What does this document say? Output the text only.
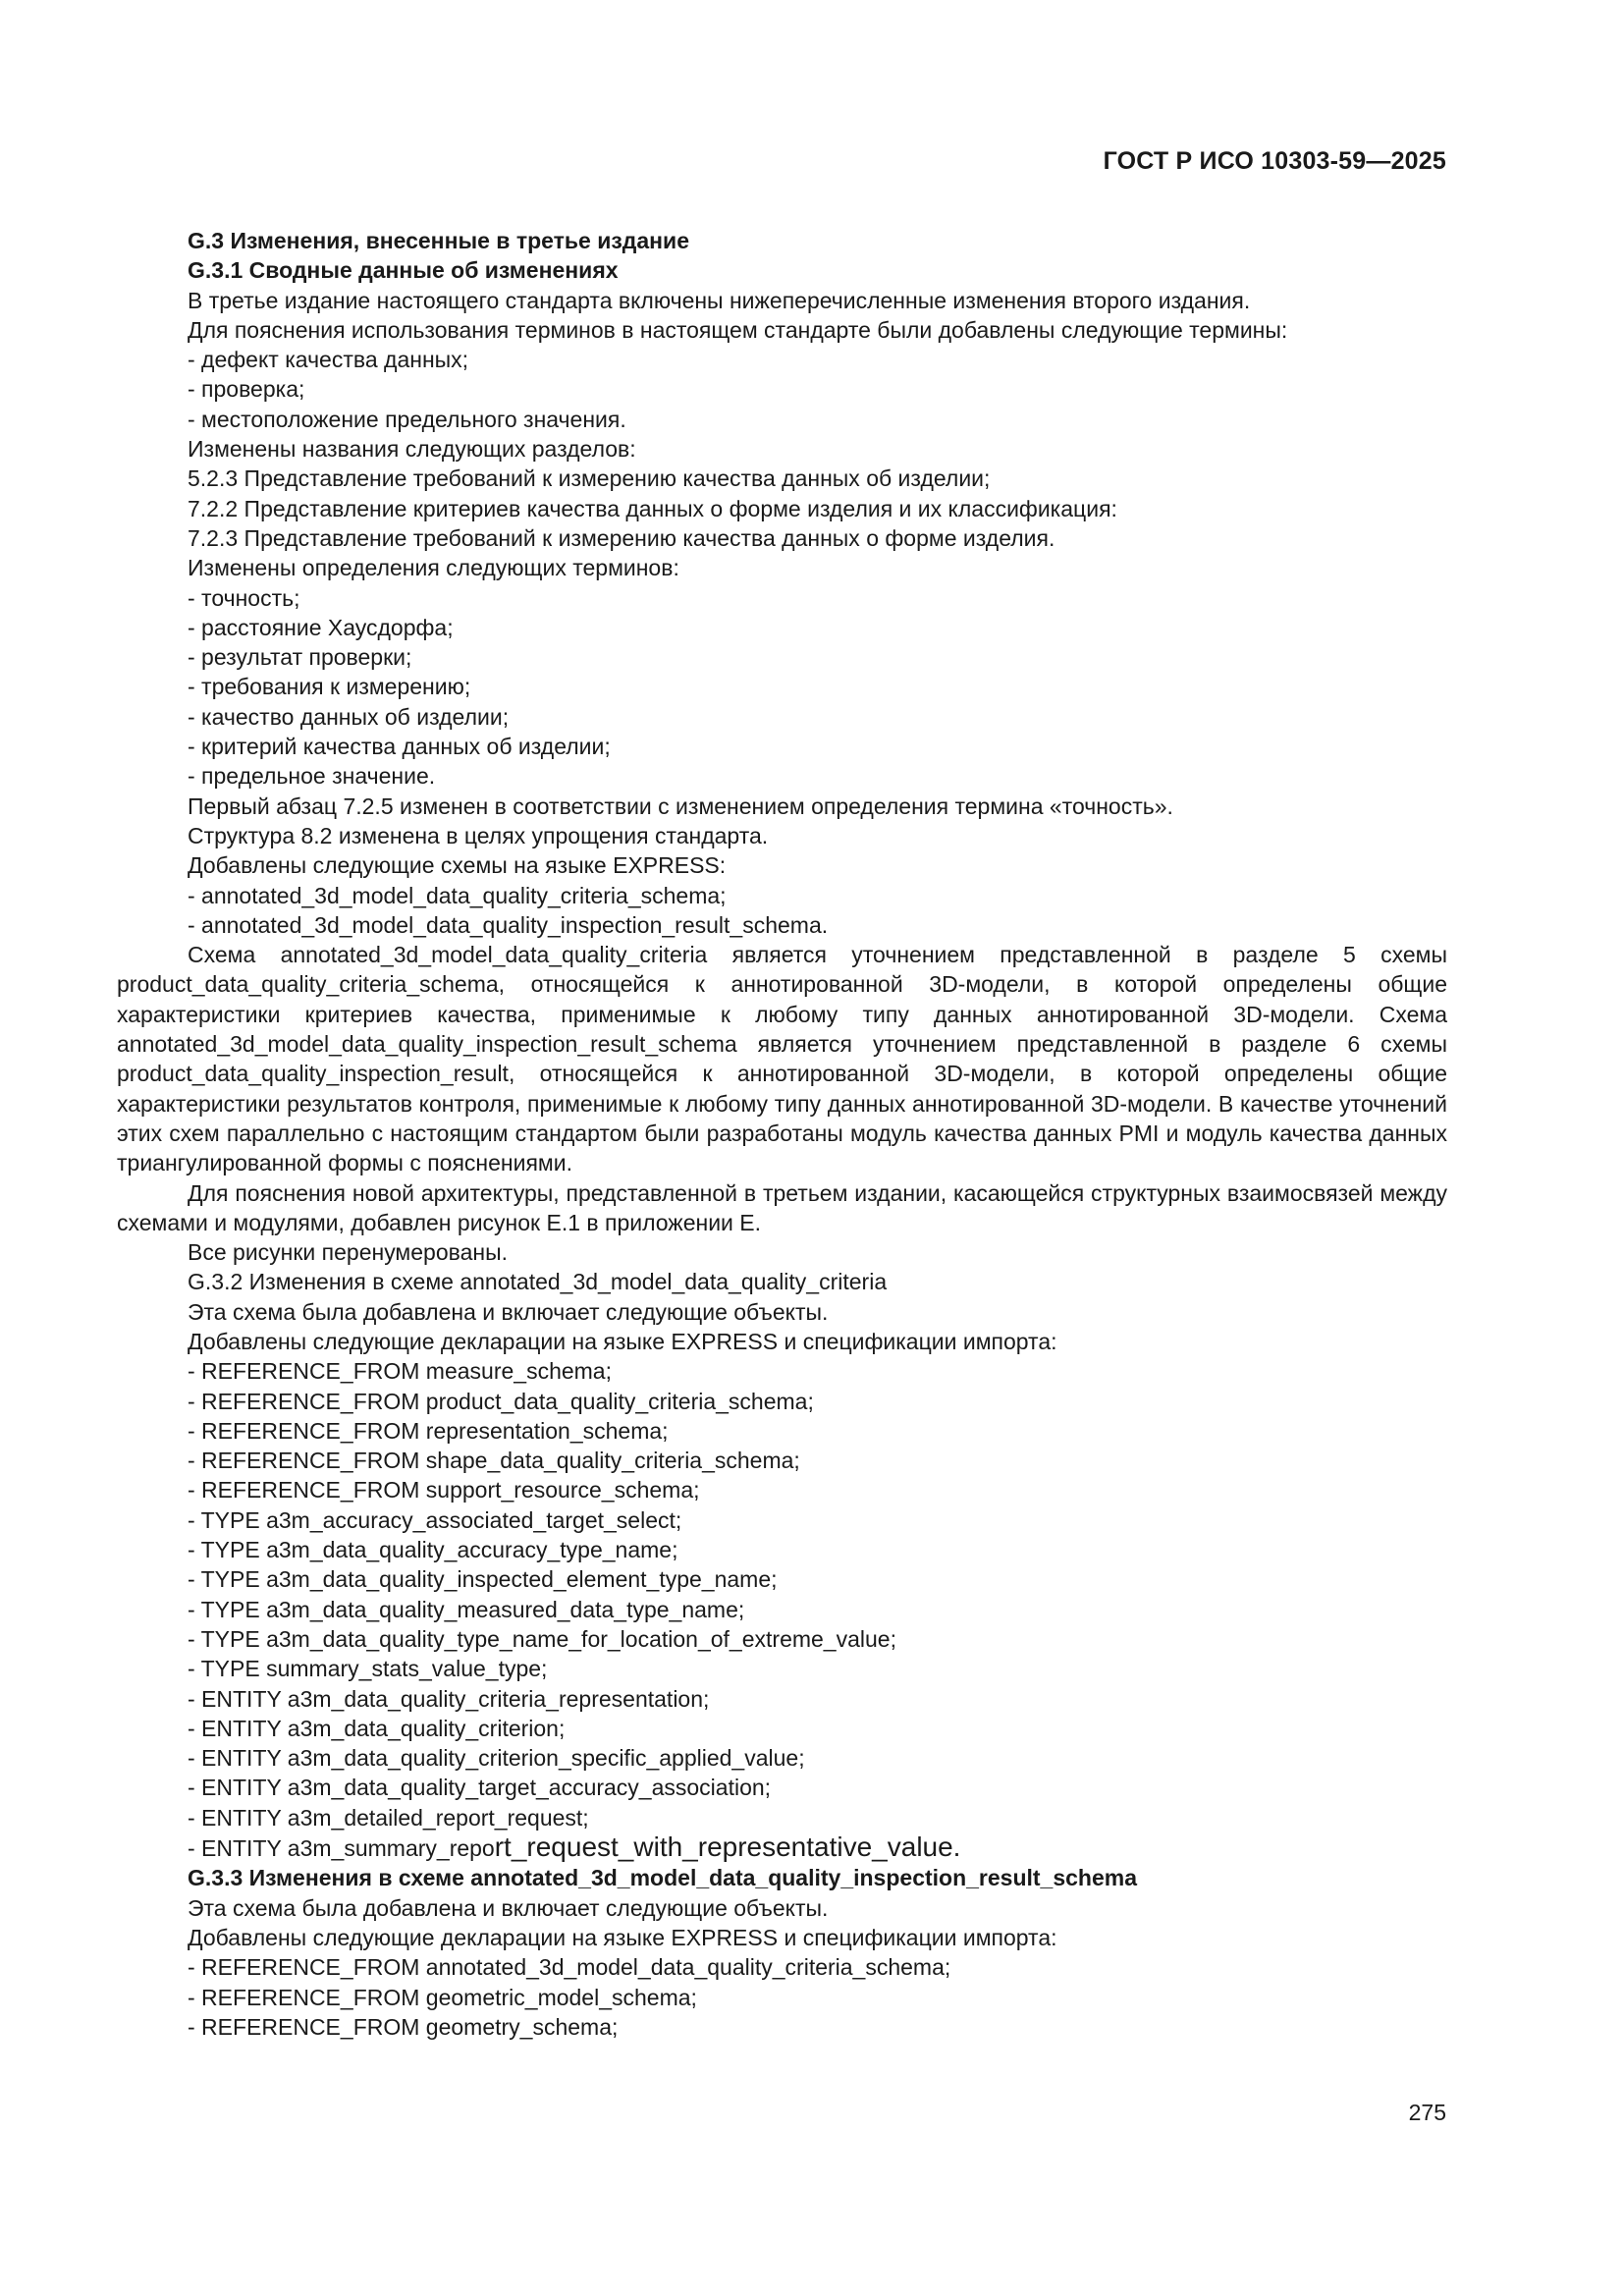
ГОСТ Р ИСО 10303-59—2025

G.3 Изменения, внесенные в третье издание

G.3.1 Сводные данные об изменениях

В третье издание настоящего стандарта включены нижеперечисленные изменения второго издания.

Для пояснения использования терминов в настоящем стандарте были добавлены следующие термины:

- дефект качества данных;

- проверка;

- местоположение предельного значения.

Изменены названия следующих разделов:

5.2.3 Представление требований к измерению качества данных об изделии;

7.2.2 Представление критериев качества данных о форме изделия и их классификация:

7.2.3 Представление требований к измерению качества данных о форме изделия.

Изменены определения следующих терминов:

- точность;

- расстояние Хаусдорфа;

- результат проверки;

- требования к измерению;

- качество данных об изделии;

- критерий качества данных об изделии;

- предельное значение.

Первый абзац 7.2.5 изменен в соответствии с изменением определения термина «точность».

Структура 8.2 изменена в целях упрощения стандарта.

Добавлены следующие схемы на языке EXPRESS:

- annotated_3d_model_data_quality_criteria_schema;

- annotated_3d_model_data_quality_inspection_result_schema.

Схема annotated_3d_model_data_quality_criteria является уточнением представленной в разделе 5 схемы product_data_quality_criteria_schema, относящейся к аннотированной 3D-модели, в которой определены общие характеристики критериев качества, применимые к любому типу данных аннотированной 3D-модели. Схема annotated_3d_model_data_quality_inspection_result_schema является уточнением представленной в разделе 6 схемы product_data_quality_inspection_result, относящейся к аннотированной 3D-модели, в которой определены общие характеристики результатов контроля, применимые к любому типу данных аннотированной 3D-модели. В качестве уточнений этих схем параллельно с настоящим стандартом были разработаны модуль качества данных PMI и модуль качества данных триангулированной формы с пояснениями.

Для пояснения новой архитектуры, представленной в третьем издании, касающейся структурных взаимосвязей между схемами и модулями, добавлен рисунок Е.1 в приложении Е.

Все рисунки перенумерованы.

G.3.2 Изменения в схеме annotated_3d_model_data_quality_criteria

Эта схема была добавлена и включает следующие объекты.

Добавлены следующие декларации на языке EXPRESS и спецификации импорта:

- REFERENCE_FROM measure_schema;

- REFERENCE_FROM product_data_quality_criteria_schema;

- REFERENCE_FROM representation_schema;

- REFERENCE_FROM shape_data_quality_criteria_schema;

- REFERENCE_FROM support_resource_schema;

- TYPE a3m_accuracy_associated_target_select;

- TYPE a3m_data_quality_accuracy_type_name;

- TYPE a3m_data_quality_inspected_element_type_name;

- TYPE a3m_data_quality_measured_data_type_name;

- TYPE a3m_data_quality_type_name_for_location_of_extreme_value;

- TYPE summary_stats_value_type;

- ENTITY a3m_data_quality_criteria_representation;

- ENTITY a3m_data_quality_criterion;

- ENTITY a3m_data_quality_criterion_specific_applied_value;

- ENTITY a3m_data_quality_target_accuracy_association;

- ENTITY a3m_detailed_report_request;

- ENTITY a3m_summary_report_request_with_representative_value.

G.3.3 Изменения в схеме annotated_3d_model_data_quality_inspection_result_schema

Эта схема была добавлена и включает следующие объекты.

Добавлены следующие декларации на языке EXPRESS и спецификации импорта:

- REFERENCE_FROM annotated_3d_model_data_quality_criteria_schema;

- REFERENCE_FROM geometric_model_schema;

- REFERENCE_FROM geometry_schema;

275
